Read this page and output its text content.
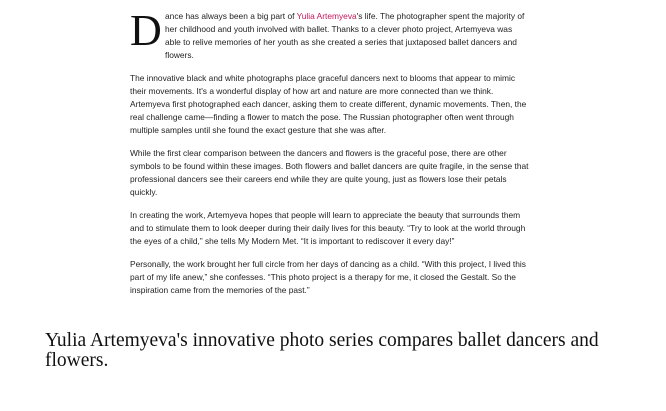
D ance has always been a big part of Yulia Artemyeva's life. The photographer spent the majority of her childhood and youth involved with ballet. Thanks to a clever photo project, Artemyeva was able to relive memories of her youth as she created a series that juxtaposed ballet dancers and flowers.

The innovative black and white photographs place graceful dancers next to blooms that appear to mimic their movements. It's a wonderful display of how art and nature are more connected than we think. Artemyeva first photographed each dancer, asking them to create different, dynamic movements. Then, the real challenge came—finding a flower to match the pose. The Russian photographer often went through multiple samples until she found the exact gesture that she was after.

While the first clear comparison between the dancers and flowers is the graceful pose, there are other symbols to be found within these images. Both flowers and ballet dancers are quite fragile, in the sense that professional dancers see their careers end while they are quite young, just as flowers lose their petals quickly.

In creating the work, Artemyeva hopes that people will learn to appreciate the beauty that surrounds them and to stimulate them to look deeper during their daily lives for this beauty. “Try to look at the world through the eyes of a child,” she tells My Modern Met. “It is important to rediscover it every day!”

Personally, the work brought her full circle from her days of dancing as a child. “With this project, I lived this part of my life anew,” she confesses. “This photo project is a therapy for me, it closed the Gestalt. So the inspiration came from the memories of the past.”

Yulia Artemyeva's innovative photo series compares ballet dancers and flowers.
